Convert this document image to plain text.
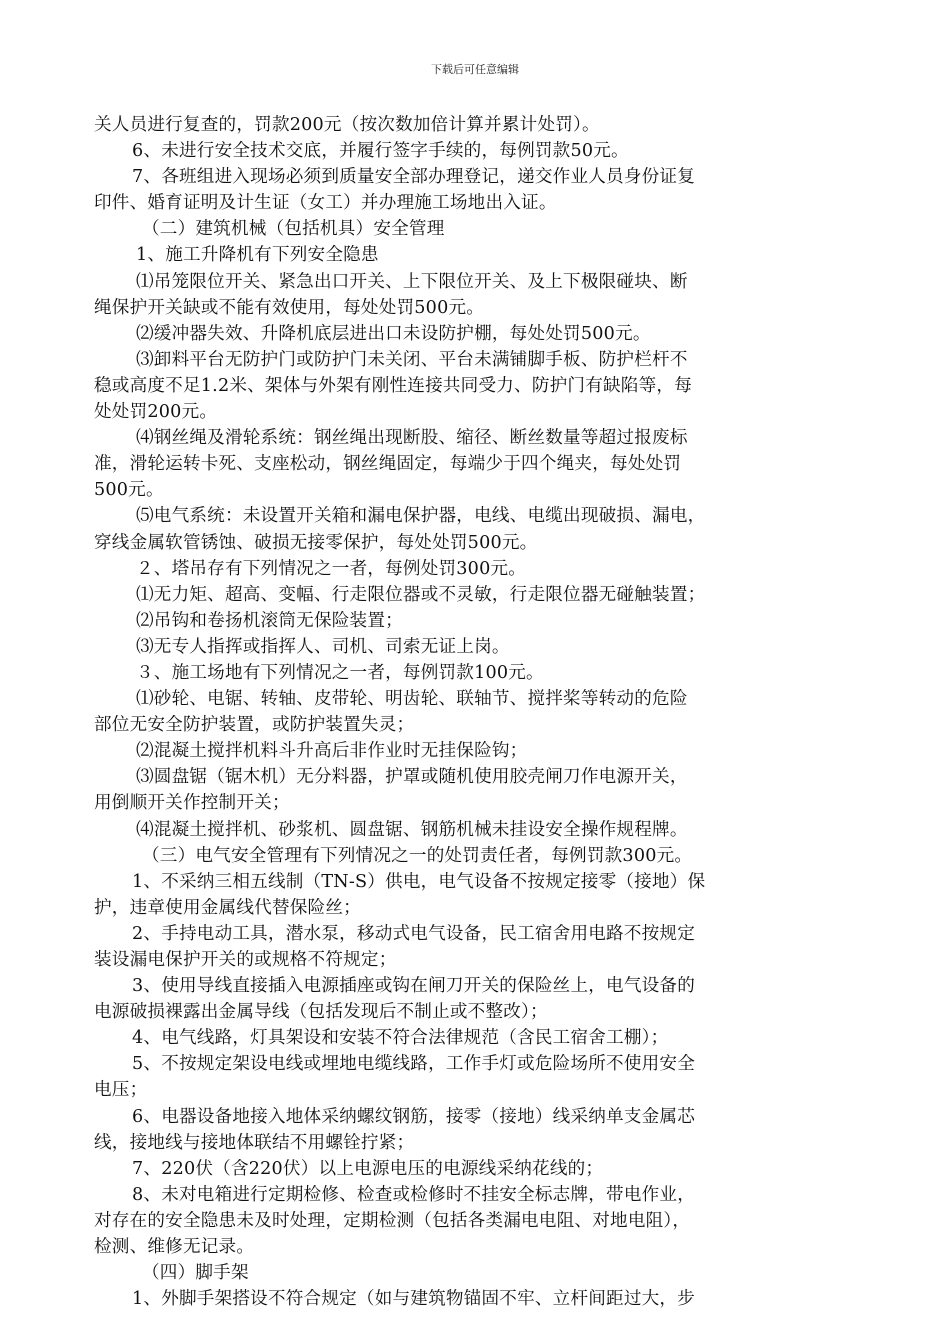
下载后可任意编辑
关人员进行复查的，罚款200元（按次数加倍计算并累计处罚）。
6、未进行安全技术交底，并履行签字手续的，每例罚款50元。
7、各班组进入现场必须到质量安全部办理登记，递交作业人员身份证复
印件、婚育证明及计生证（女工）并办理施工场地出入证。
（二）建筑机械（包括机具）安全管理
1、施工升降机有下列安全隐患
⑴吊笼限位开关、紧急出口开关、上下限位开关、及上下极限碰块、断
绳保护开关缺或不能有效使用，每处处罚500元。
⑵缓冲器失效、升降机底层进出口未设防护棚，每处处罚500元。
⑶卸料平台无防护门或防护门未关闭、平台未满铺脚手板、防护栏杆不
稳或高度不足1.2米、架体与外架有刚性连接共同受力、防护门有缺陷等，每
处处罚200元。
⑷钢丝绳及滑轮系统：钢丝绳出现断股、缩径、断丝数量等超过报废标
准，滑轮运转卡死、支座松动，钢丝绳固定，每端少于四个绳夹，每处处罚
500元。
⑸电气系统：未设置开关箱和漏电保护器，电线、电缆出现破损、漏电，
穿线金属软管锈蚀、破损无接零保护，每处处罚500元。
２、塔吊存有下列情况之一者，每例处罚300元。
⑴无力矩、超高、变幅、行走限位器或不灵敏，行走限位器无碰触装置；
⑵吊钩和卷扬机滚筒无保险装置；
⑶无专人指挥或指挥人、司机、司索无证上岗。
３、施工场地有下列情况之一者，每例罚款100元。
⑴砂轮、电锯、转轴、皮带轮、明齿轮、联轴节、搅拌桨等转动的危险
部位无安全防护装置，或防护装置失灵；
⑵混凝土搅拌机料斗升高后非作业时无挂保险钩；
⑶圆盘锯（锯木机）无分料器，护罩或随机使用胶壳闸刀作电源开关，
用倒顺开关作控制开关；
⑷混凝土搅拌机、砂浆机、圆盘锯、钢筋机械未挂设安全操作规程牌。
（三）电气安全管理有下列情况之一的处罚责任者，每例罚款300元。
1、不采纳三相五线制（TN-S）供电，电气设备不按规定接零（接地）保
护，违章使用金属线代替保险丝；
2、手持电动工具，潜水泵，移动式电气设备，民工宿舍用电路不按规定
装设漏电保护开关的或规格不符规定；
3、使用导线直接插入电源插座或钩在闸刀开关的保险丝上，电气设备的
电源破损裸露出金属导线（包括发现后不制止或不整改）；
4、电气线路，灯具架设和安装不符合法律规范（含民工宿舍工棚）；
5、不按规定架设电线或埋地电缆线路，工作手灯或危险场所不使用安全
电压；
6、电器设备地接入地体采纳螺纹钢筋，接零（接地）线采纳单支金属芯
线，接地线与接地体联结不用螺铨拧紧；
7、220伏（含220伏）以上电源电压的电源线采纳花线的；
8、未对电箱进行定期检修、检查或检修时不挂安全标志牌，带电作业，
对存在的安全隐患未及时处理，定期检测（包括各类漏电电阻、对地电阻），
检测、维修无记录。
（四）脚手架
1、外脚手架搭设不符合规定（如与建筑物锚固不牢、立杆间距过大，步
